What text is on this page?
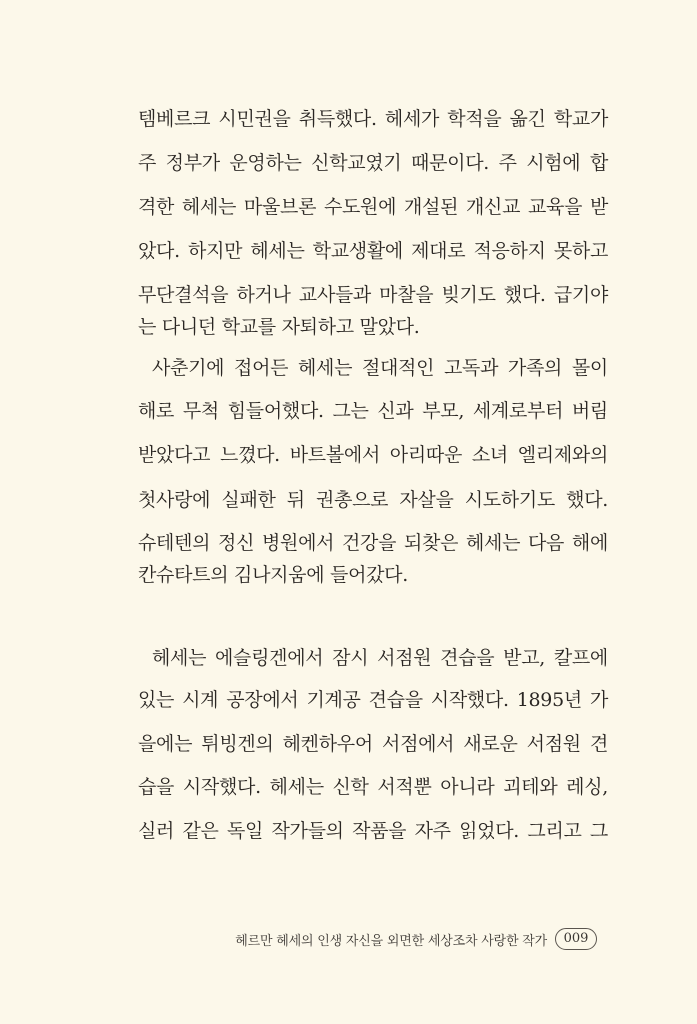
템베르크 시민권을 취득했다. 헤세가 학적을 옮긴 학교가
주 정부가 운영하는 신학교였기 때문이다. 주 시험에 합
격한 헤세는 마울브론 수도원에 개설된 개신교 교육을 받
았다. 하지만 헤세는 학교생활에 제대로 적응하지 못하고
무단결석을 하거나 교사들과 마찰을 빚기도 했다. 급기야
는 다니던 학교를 자퇴하고 말았다.
사춘기에 접어든 헤세는 절대적인 고독과 가족의 몰이
해로 무척 힘들어했다. 그는 신과 부모, 세계로부터 버림
받았다고 느꼈다. 바트볼에서 아리따운 소녀 엘리제와의
첫사랑에 실패한 뒤 권총으로 자살을 시도하기도 했다.
슈테텐의 정신 병원에서 건강을 되찾은 헤세는 다음 해에
칸슈타트의 김나지움에 들어갔다.
헤세는 에슬링겐에서 잠시 서점원 견습을 받고, 칼프에
있는 시계 공장에서 기계공 견습을 시작했다. 1895년 가
을에는 튀빙겐의 헤켄하우어 서점에서 새로운 서점원 견
습을 시작했다. 헤세는 신학 서적뿐 아니라 괴테와 레싱,
실러 같은 독일 작가들의 작품을 자주 읽었다. 그리고 그
헤르만 헤세의 인생 자신을 외면한 세상조차 사랑한 작가	009
